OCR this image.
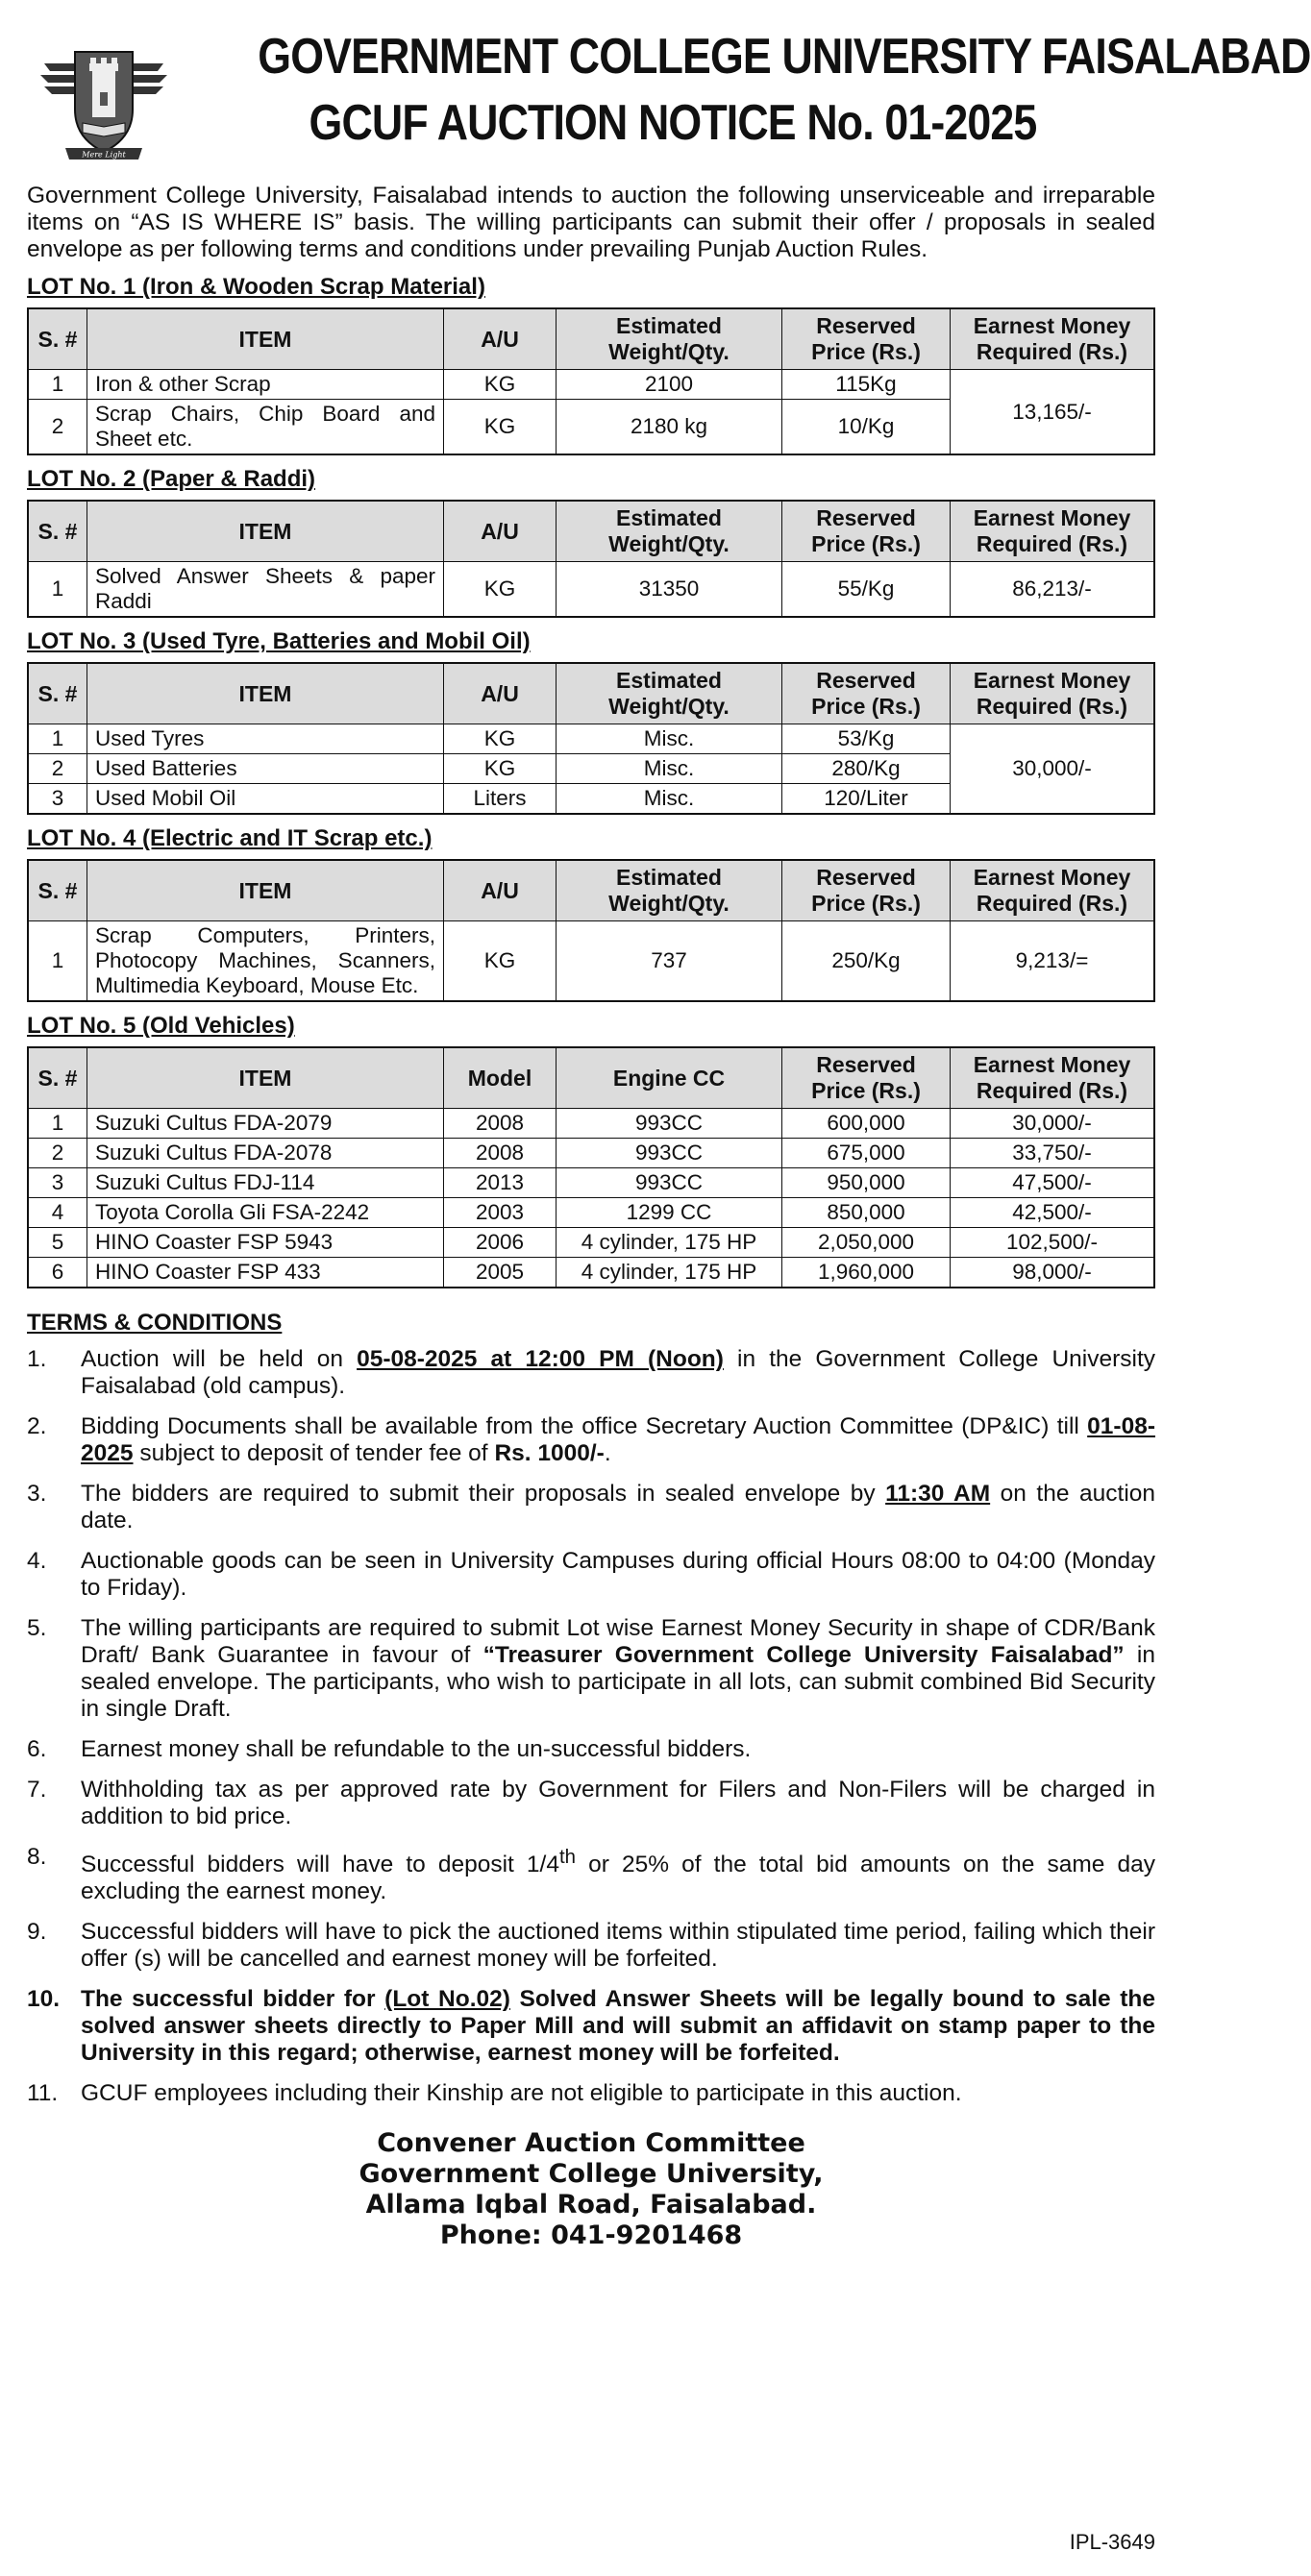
Mere Light
GOVERNMENT COLLEGE UNIVERSITY FAISALABAD
GCUF AUCTION NOTICE No. 01-2025
Government College University, Faisalabad intends to auction the following unserviceable and irreparable items on “AS IS WHERE IS” basis. The willing participants can submit their offer / proposals in sealed envelope as per following terms and conditions under prevailing Punjab Auction Rules.
LOT No. 1 (Iron & Wooden Scrap Material)
S. #	ITEM	A/U	Estimated Weight/Qty.	Reserved Price (Rs.)	Earnest Money Required (Rs.)
1	Iron & other Scrap	KG	2100	115Kg	13,165/-
2	Scrap Chairs, Chip Board and Sheet etc.	KG	2180 kg	10/Kg	
LOT No. 2 (Paper & Raddi)
S. #	ITEM	A/U	Estimated Weight/Qty.	Reserved Price (Rs.)	Earnest Money Required (Rs.)
1	Solved Answer Sheets & paper Raddi	KG	31350	55/Kg	86,213/-
LOT No. 3 (Used Tyre, Batteries and Mobil Oil)
S. #	ITEM	A/U	Estimated Weight/Qty.	Reserved Price (Rs.)	Earnest Money Required (Rs.)
1	Used Tyres	KG	Misc.	53/Kg	30,000/-
2	Used Batteries	KG	Misc.	280/Kg	
3	Used Mobil Oil	Liters	Misc.	120/Liter	
LOT No. 4 (Electric and IT Scrap etc.)
S. #	ITEM	A/U	Estimated Weight/Qty.	Reserved Price (Rs.)	Earnest Money Required (Rs.)
1	Scrap Computers, Printers, Photocopy Machines, Scanners, Multimedia Keyboard, Mouse Etc.	KG	737	250/Kg	9,213/=
LOT No. 5 (Old Vehicles)
S. #	ITEM	Model	Engine CC	Reserved Price (Rs.)	Earnest Money Required (Rs.)
1	Suzuki Cultus FDA-2079	2008	993CC	600,000	30,000/-
2	Suzuki Cultus FDA-2078	2008	993CC	675,000	33,750/-
3	Suzuki Cultus FDJ-114	2013	993CC	950,000	47,500/-
4	Toyota Corolla Gli FSA-2242	2003	1299 CC	850,000	42,500/-
5	HINO Coaster FSP 5943	2006	4 cylinder, 175 HP	2,050,000	102,500/-
6	HINO Coaster FSP 433	2005	4 cylinder, 175 HP	1,960,000	98,000/-
TERMS & CONDITIONS
1.	Auction will be held on 05-08-2025 at 12:00 PM (Noon) in the Government College University Faisalabad (old campus).
2.	Bidding Documents shall be available from the office Secretary Auction Committee (DP&IC) till 01-08-2025 subject to deposit of tender fee of Rs. 1000/-.
3.	The bidders are required to submit their proposals in sealed envelope by 11:30 AM on the auction date.
4.	Auctionable goods can be seen in University Campuses during official Hours 08:00 to 04:00 (Monday to Friday).
5.	The willing participants are required to submit Lot wise Earnest Money Security in shape of CDR/Bank Draft/ Bank Guarantee in favour of “Treasurer Government College University Faisalabad” in sealed envelope. The participants, who wish to participate in all lots, can submit combined Bid Security in single Draft.
6.	Earnest money shall be refundable to the un-successful bidders.
7.	Withholding tax as per approved rate by Government for Filers and Non-Filers will be charged in addition to bid price.
8.	Successful bidders will have to deposit 1/4th or 25% of the total bid amounts on the same day excluding the earnest money.
9.	Successful bidders will have to pick the auctioned items within stipulated time period, failing which their offer (s) will be cancelled and earnest money will be forfeited.
10. The successful bidder for (Lot No.02) Solved Answer Sheets will be legally bound to sale the solved answer sheets directly to Paper Mill and will submit an affidavit on stamp paper to the University in this regard; otherwise, earnest money will be forfeited.
11. GCUF employees including their Kinship are not eligible to participate in this auction.
Convener Auction Committee
Government College University,
Allama Iqbal Road, Faisalabad.
Phone: 041-9201468
IPL-3649
